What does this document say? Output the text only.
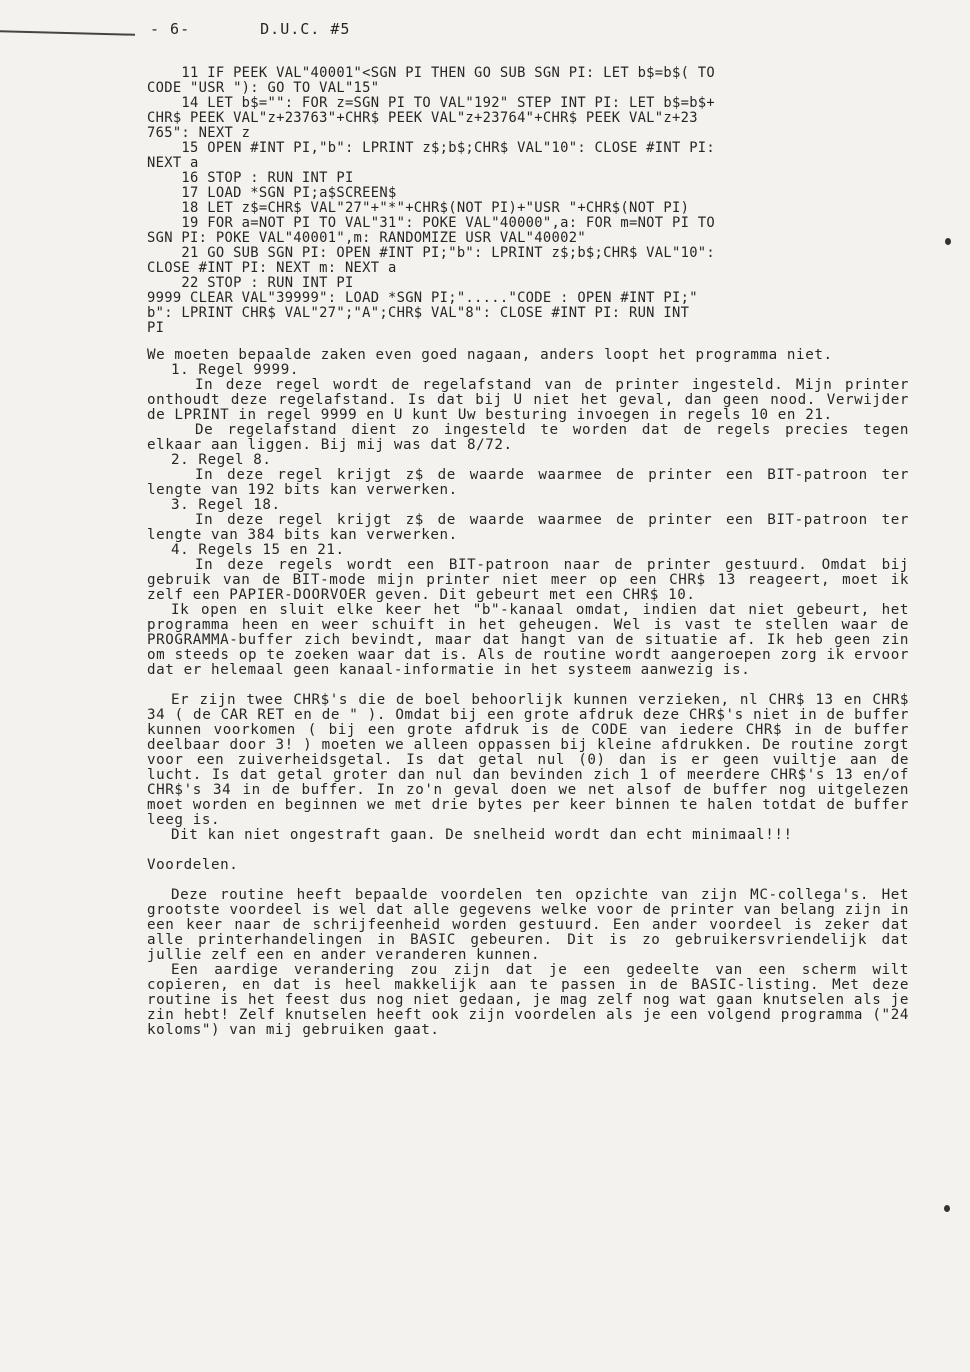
- 6-	D.U.C. #5
11 IF PEEK VAL"40001"<SGN PI THEN GO SUB SGN PI: LET b$=b$( TO
CODE "USR "): GO TO VAL"15"
14 LET b$="": FOR z=SGN PI TO VAL"192" STEP INT PI: LET b$=b$+
CHR$ PEEK VAL"z+23763"+CHR$ PEEK VAL"z+23764"+CHR$ PEEK VAL"z+23
765": NEXT z
15 OPEN #INT PI,"b": LPRINT z$;b$;CHR$ VAL"10": CLOSE #INT PI:
NEXT a
16 STOP : RUN INT PI
17 LOAD *SGN PI;a$SCREEN$
18 LET z$=CHR$ VAL"27"+"*"+CHR$(NOT PI)+"USR "+CHR$(NOT PI)
19 FOR a=NOT PI TO VAL"31": POKE VAL"40000",a: FOR m=NOT PI TO
SGN PI: POKE VAL"40001",m: RANDOMIZE USR VAL"40002"
21 GO SUB SGN PI: OPEN #INT PI;"b": LPRINT z$;b$;CHR$ VAL"10":
CLOSE #INT PI: NEXT m: NEXT a
22 STOP : RUN INT PI
9999 CLEAR VAL"39999": LOAD *SGN PI;"....."CODE : OPEN #INT PI;"
b": LPRINT CHR$ VAL"27";"A";CHR$ VAL"8": CLOSE #INT PI: RUN INT
PI

We moeten bepaalde zaken even goed nagaan, anders loopt het programma niet.

1. Regel 9999.

In deze regel wordt de regelafstand van de printer ingesteld. Mijn printer onthoudt deze regelafstand. Is dat bij U niet het geval, dan geen nood. Verwijder de LPRINT in regel 9999 en U kunt Uw besturing invoegen in regels 10 en 21.

De regelafstand dient zo ingesteld te worden dat de regels precies tegen elkaar aan liggen. Bij mij was dat 8/72.

2. Regel 8.

In deze regel krijgt z$ de waarde waarmee de printer een BIT-patroon ter lengte van 192 bits kan verwerken.

3. Regel 18.

In deze regel krijgt z$ de waarde waarmee de printer een BIT-patroon ter lengte van 384 bits kan verwerken.

4. Regels 15 en 21.

In deze regels wordt een BIT-patroon naar de printer gestuurd. Omdat bij gebruik van de BIT-mode mijn printer niet meer op een CHR$ 13 reageert, moet ik zelf een PAPIER-DOORVOER geven. Dit gebeurt met een CHR$ 10.

Ik open en sluit elke keer het "b"-kanaal omdat, indien dat niet gebeurt, het programma heen en weer schuift in het geheugen. Wel is vast te stellen waar de PROGRAMMA-buffer zich bevindt, maar dat hangt van de situatie af. Ik heb geen zin om steeds op te zoeken waar dat is. Als de routine wordt aangeroepen zorg ik ervoor dat er helemaal geen kanaal-informatie in het systeem aanwezig is.

Er zijn twee CHR$'s die de boel behoorlijk kunnen verzieken, nl CHR$ 13 en CHR$ 34 ( de CAR RET en de " ). Omdat bij een grote afdruk deze CHR$'s niet in de buffer kunnen voorkomen ( bij een grote afdruk is de CODE van iedere CHR$ in de buffer deelbaar door 3! ) moeten we alleen oppassen bij kleine afdrukken. De routine zorgt voor een zuiverheidsgetal. Is dat getal nul (0) dan is er geen vuiltje aan de lucht. Is dat getal groter dan nul dan bevinden zich 1 of meerdere CHR$'s 13 en/of CHR$'s 34 in de buffer. In zo'n geval doen we net alsof de buffer nog uitgelezen moet worden en beginnen we met drie bytes per keer binnen te halen totdat de buffer leeg is.

Dit kan niet ongestraft gaan. De snelheid wordt dan echt minimaal!!!

Voordelen.

Deze routine heeft bepaalde voordelen ten opzichte van zijn MC-collega's. Het grootste voordeel is wel dat alle gegevens welke voor de printer van belang zijn in een keer naar de schrijfeenheid worden gestuurd. Een ander voordeel is zeker dat alle printerhandelingen in BASIC gebeuren. Dit is zo gebruikersvriendelijk dat jullie zelf een en ander veranderen kunnen.

Een aardige verandering zou zijn dat je een gedeelte van een scherm wilt copieren, en dat is heel makkelijk aan te passen in de BASIC-listing. Met deze routine is het feest dus nog niet gedaan, je mag zelf nog wat gaan knutselen als je zin hebt! Zelf knutselen heeft ook zijn voordelen als je een volgend programma ("24 koloms") van mij gebruiken gaat.
